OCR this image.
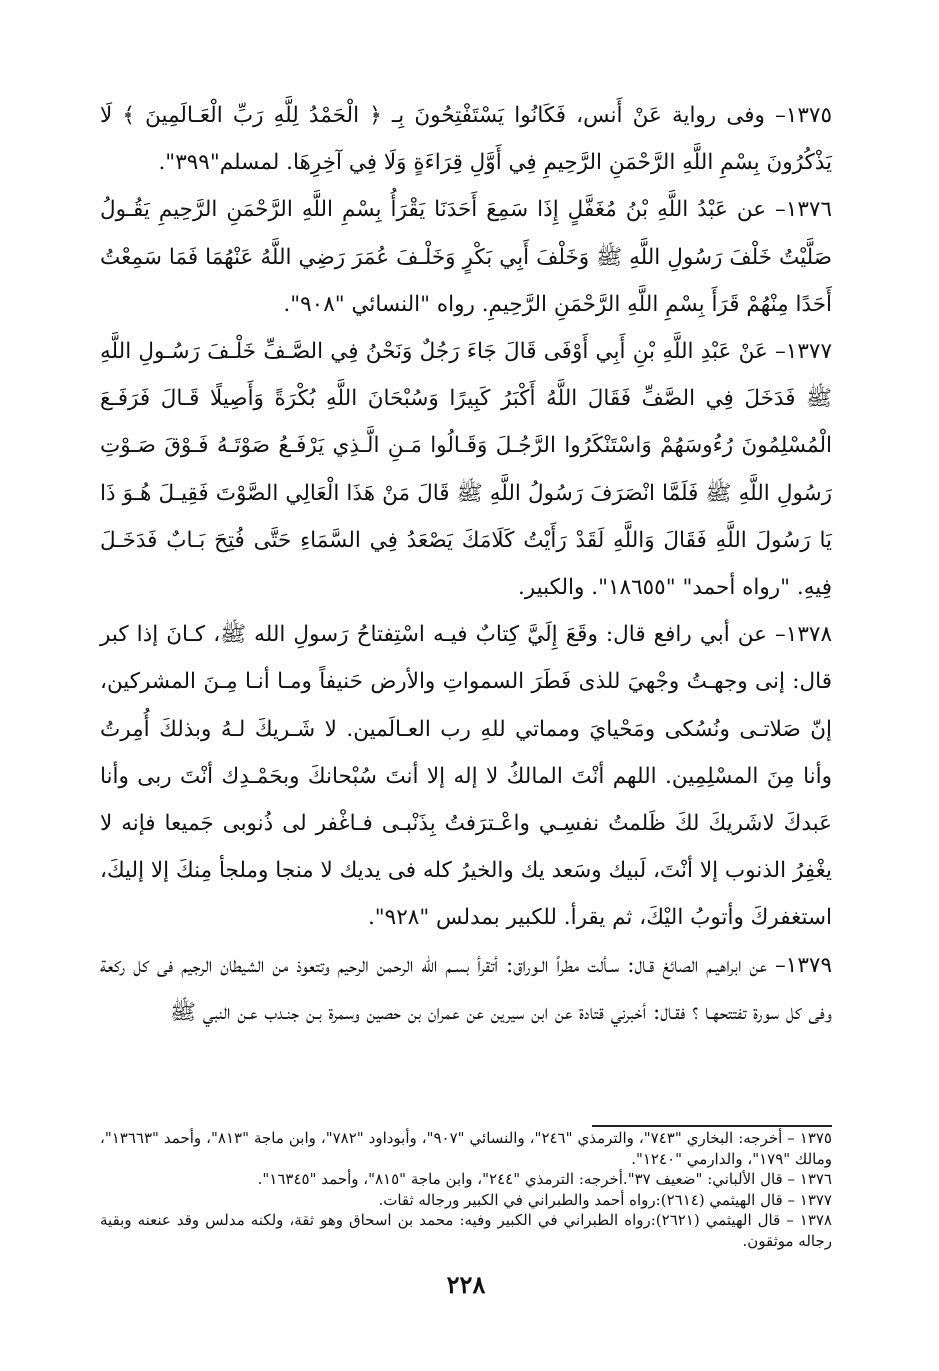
١٣٧٥– وفى رواية عَنْ أَنس، فَكَانُوا يَسْتَفْتِحُونَ بِـ ﴿ الْحَمْدُ لِلَّهِ رَبِّ الْعَـالَمِينَ ﴾ لَا يَذْكُرُونَ بِسْمِ اللَّهِ الرَّحْمَنِ الرَّحِيمِ فِي أَوَّلِ قِرَاءَةٍ وَلَا فِي آخِرِهَا. لمسلم"٣٩٩".

١٣٧٦– عن عَبْدُ اللَّهِ بْنُ مُغَفَّلٍ إِذَا سَمِعَ أَحَدَنَا يَقْرَأُ بِسْمِ اللَّهِ الرَّحْمَنِ الرَّحِيمِ يَقُـولُ صَلَّيْتُ خَلْفَ رَسُولِ اللَّهِ ﷺ وَخَلْفَ أَبِي بَكْرٍ وَخَلْـفَ عُمَرَ رَضِي اللَّهُ عَنْهُمَا فَمَا سَمِعْتُ أَحَدًا مِنْهُمْ قَرَأَ بِسْمِ اللَّهِ الرَّحْمَنِ الرَّحِيمِ. رواه "النسائي "٩٠٨".

١٣٧٧– عَنْ عَبْدِ اللَّهِ بْنِ أَبِي أَوْفَى قَالَ جَاءَ رَجُلٌ وَنَحْنُ فِي الصَّـفِّ خَلْـفَ رَسُـولِ اللَّهِ ﷺ فَدَخَلَ فِي الصَّفِّ فَقَالَ اللَّهُ أَكْبَرُ كَبِيرًا وَسُبْحَانَ اللَّهِ بُكْرَةً وَأَصِيلًا قَـالَ فَرَفَـعَ الْمُسْلِمُونَ رُءُوسَهُمْ وَاسْتَنْكَرُوا الرَّجُـلَ وَقَـالُوا مَـنِ الَّـذِي يَرْفَـعُ صَوْتَـهُ فَـوْقَ صَـوْتِ رَسُولِ اللَّهِ ﷺ فَلَمَّا انْصَرَفَ رَسُولُ اللَّهِ ﷺ قَالَ مَنْ هَذَا الْعَالِي الصَّوْتَ فَقِيـلَ هُـوَ ذَا يَا رَسُولَ اللَّهِ فَقَالَ وَاللَّهِ لَقَدْ رَأَيْتُ كَلَامَكَ يَصْعَدُ فِي السَّمَاءِ حَتَّى فُتِحَ بَـابٌ فَدَخَـلَ فِيهِ. "رواه أحمد" "١٨٦٥٥". والكبير.

١٣٧٨– عن أبي رافع قال: وقَعَ إِلَيَّ كِتابٌ فيـه اسْتِفتاحُ رَسولِ الله ﷺ، كـانَ إذا كبر قال: إنى وجهـتُ وجْهيَ للذى فَطَرَ السمواتِ والأرض حَنيفاً ومـا أنـا مِـنَ المشركين، إنّ صَلاتـى ونُسُكى ومَحْيايَ ومماتي للهِ رب العـالَمين. لا شَـريكَ لـهُ وبذلكَ أُمِرتُ وأنا مِنَ المسْلِمِين. اللهم أنْتَ المالكُ لا إله إلا أنتَ سُبْحانكَ وبحَمْـدِك أنْتَ ربى وأنا عَبدكَ لاشَريكَ لكَ ظَلمتُ نفسِـي واعْـترَفتُ بِذَنْبـى فـاغْفر لى ذُنوبى جَميعا فإنه لا يغْفِرُ الذنوب إلا أنْتَ، لَبيك وسَعد يك والخيرُ كله فى يديك لا منجا وملجأ مِنكَ إلا إليكَ، استغفركَ وأتوبُ اليْكَ، ثم يقرأ. للكبير بمدلس "٩٢٨".

١٣٧٩– عن ابراهيـم الصائغ قـال: سـألت مطراً الـوراق: أتقرأ بسـم الله الرحمن الرحيم وتتعوذ من الشيطان الرجيم فى كل ركعة وفى كل سورة تفتتحهـا ؟ فقـال: أخبرني قتادة عن ابن سيرين عن عمران بن حصين وسمرة بـن جنـدب عـن النبي ﷺ

١٣٧٥ – أخرجه: البخاري "٧٤٣"، والترمذي "٢٤٦"، والنسائي "٩٠٧"، وأبوداود "٧٨٢"، وابن ماجة "٨١٣"، وأحمد "١٣٦٦٣"، ومالك "١٧٩"، والدارمي "١٢٤٠".

١٣٧٦ – قال الألباني: "ضعيف ٣٧".أخرجه: الترمذي "٢٤٤"، وابن ماجة "٨١٥"، وأحمد "١٦٣٤٥".

١٣٧٧ – قال الهيثمي (٢٦١٤):رواه أحمد والطبراني في الكبير ورجاله ثقات.

١٣٧٨ – قال الهيثمي (٢٦٢١):رواه الطبراني في الكبير وفيه: محمد بن اسحاق وهو ثقة، ولكنه مدلس وقد عنعنه وبقية رجاله موثقون.

٢٢٨
